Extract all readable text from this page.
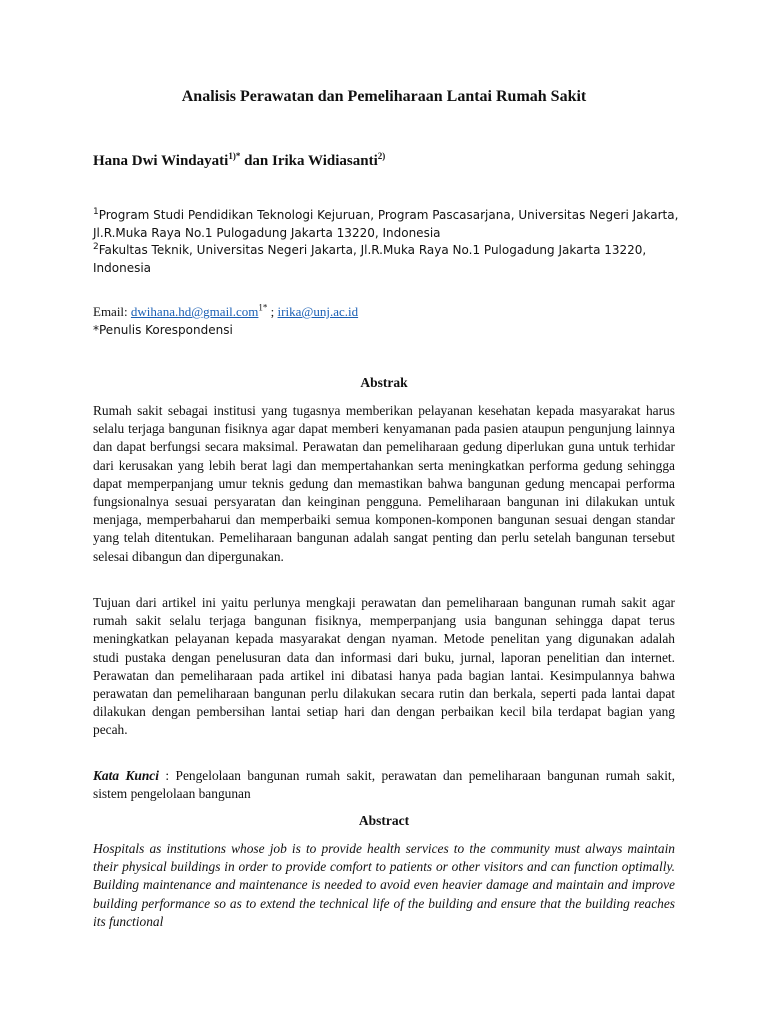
Analisis Perawatan dan Pemeliharaan Lantai Rumah Sakit
Hana Dwi Windayati$^{1)*}$ dan Irika Widiasanti$^{2)}$

$^1$Program Studi Pendidikan Teknologi Kejuruan, Program Pascasarjana, Universitas Negeri Jakarta, Jl.R.Muka Raya No.1 Pulogadung Jakarta 13220, Indonesia

$^2$Fakultas Teknik, Universitas Negeri Jakarta, Jl.R.Muka Raya No.1 Pulogadung Jakarta 13220, Indonesia

Email: dwihana.hd@gmail.com$^{1*}$ ; irika@unj.ac.id

*Penulis Korespondensi

Abstrak

Rumah sakit sebagai institusi yang tugasnya memberikan pelayanan kesehatan kepada masyarakat harus selalu terjaga bangunan fisiknya agar dapat memberi kenyamanan pada pasien ataupun pengunjung lainnya dan dapat berfungsi secara maksimal. Perawatan dan pemeliharaan gedung diperlukan guna untuk terhidar dari kerusakan yang lebih berat lagi dan mempertahankan serta meningkatkan performa gedung sehingga dapat memperpanjang umur teknis gedung dan memastikan bahwa bangunan gedung mencapai performa fungsionalnya sesuai persyaratan dan keinginan pengguna. Pemeliharaan bangunan ini dilakukan untuk menjaga, memperbaharui dan memperbaiki semua komponen-komponen bangunan sesuai dengan standar yang telah ditentukan. Pemeliharaan bangunan adalah sangat penting dan perlu setelah bangunan tersebut selesai dibangun dan dipergunakan.

Tujuan dari artikel ini yaitu perlunya mengkaji perawatan dan pemeliharaan bangunan rumah sakit agar rumah sakit selalu terjaga bangunan fisiknya, memperpanjang usia bangunan sehingga dapat terus meningkatkan pelayanan kepada masyarakat dengan nyaman. Metode penelitan yang digunakan adalah studi pustaka dengan penelusuran data dan informasi dari buku, jurnal, laporan penelitian dan internet. Perawatan dan pemeliharaan pada artikel ini dibatasi hanya pada bagian lantai. Kesimpulannya bahwa perawatan dan pemeliharaan bangunan perlu dilakukan secara rutin dan berkala, seperti pada lantai dapat dilakukan dengan pembersihan lantai setiap hari dan dengan perbaikan kecil bila terdapat bagian yang pecah.

Kata Kunci : Pengelolaan bangunan rumah sakit, perawatan dan pemeliharaan bangunan rumah sakit, sistem pengelolaan bangunan

Abstract

Hospitals as institutions whose job is to provide health services to the community must always maintain their physical buildings in order to provide comfort to patients or other visitors and can function optimally. Building maintenance and maintenance is needed to avoid even heavier damage and maintain and improve building performance so as to extend the technical life of the building and ensure that the building reaches its functional
